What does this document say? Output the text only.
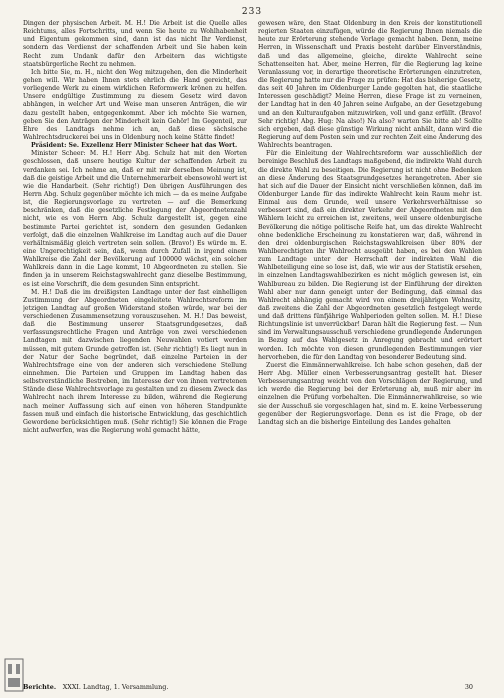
233

Dingen der physischen Arbeit. M. H.! Die Arbeit ist die Quelle alles Reichtums, alles Fortschritts, und wenn Sie heute zu Wohlhabenheit und Eigentum gekommen sind, dann ist das nicht Ihr Verdienst, sondern das Verdienst der schaffenden Arbeit und Sie haben kein Recht zum Undank dafür den Arbeitern das wichtigste staatsbürgerliche Recht zu nehmen.

Ich bitte Sie, m. H., nicht den Weg mitzugehen, den die Minderheit gehen will. Wir haben Ihnen stets ehrlich die Hand gereicht, das vorliegende Werk zu einem wirklichen Reformwerk krönen zu helfen. Unsere endgültige Zustimmung zu diesem Gesetz wird davon abhängen, in welcher Art und Weise man unseren Anträgen, die wir dazu gestellt haben, entgegenkommt. Aber ich möchte Sie warnen, geben Sie den Anträgen der Minderheit kein Gehör! Im Gegenteil, zur Ehre des Landtags nehme ich an, daß diese sächsische Wahlrechtsdruckerei bei uns in Oldenburg noch keine Stätte findet!

Präsident: Se. Exzellenz Herr Minister Scheer hat das Wort.

Minister Scheer: M. H.! Herr Abg. Schulz hat mit den Worten geschlossen, daß unsere heutige Kultur der schaffenden Arbeit zu verdanken sei. Ich nehme an, daß er mit mir derselben Meinung ist, daß die geistige Arbeit und die Unternehmerarbeit ebensowohl wert ist wie die Handarbeit. (Sehr richtig!) Den übrigen Ausführungen des Herrn Abg. Schulz gegenüber möchte ich mich — da es meine Aufgabe ist, die Regierungsvorlage zu vertreten — auf die Bemerkung beschränken, daß die gesetzliche Festlegung der Abgeordnetenzahl nicht, wie es von Herrn Abg. Schulz dargestellt ist, gegen eine bestimmte Partei gerichtet ist, sondern den gesunden Gedanken verfolgt, daß die einzelnen Wahlkreise im Landtag auch auf die Dauer verhältnismäßig gleich vertreten sein sollen. (Bravo!) Es würde m. E. eine Ungerechtigkeit sein, daß, wenn durch Zufall in irgend einem Wahlkreise die Zahl der Bevölkerung auf 100000 wächst, ein solcher Wahlkreis dann in die Lage kommt, 10 Abgeordneten zu stellen. Sie finden ja in unserem Reichstagswahlrecht ganz dieselbe Bestimmung, es ist eine Vorschrift, die dem gesunden Sinn entspricht.

M. H.! Daß die im dreißigsten Landtage unter der fast einhelligen Zustimmung der Abgeordneten eingeleitete Wahlrechtsreform im jetzigen Landtag auf großen Widerstand stoßen würde, war bei der verschiedenen Zusammensetzung vorauszusehen. M. H.! Das beweist, daß die Bestimmung unserer Staatsgrundgesetzes, daß verfassungsrechtliche Fragen und Anträge von zwei verschiedenen Landtagen mit dazwischen liegenden Neuwahlen votiert werden müssen, mit gutem Grunde getroffen ist. (Sehr richtig!) Es liegt nun in der Natur der Sache begründet, daß einzelne Parteien in der Wahlrechtsfrage eine von der anderen sich verschiedene Stellung einnehmen. Die Parteien und Gruppen im Landtag haben das selbstverständliche Bestreben, im Interesse der von ihnen vertretenen Stände diese Wahlrechtsvorlage zu gestalten und zu diesem Zweck das Wahlrecht nach ihrem Interesse zu bilden, während die Regierung nach meiner Auffassung sich auf einen von höheren Standpunkte fassen muß und einfach die historische Entwicklung, das geschichtlich Gewordene berücksichtigen muß. (Sehr richtig!) Sie können die Frage nicht aufwerfen, was die Regierung wohl gemacht hätte,

gewesen wäre, den Staat Oldenburg in den Kreis der konstitutionell regierten Staaten einzufügen, würde die Regierung Ihnen niemals die heute zur Erörterung stehende Vorlage gemacht haben. Denn, meine Herren, in Wissenschaft und Praxis besteht darüber Einverständnis, daß und das allgemeine, gleiche, direkte Wahlrecht seine Schattenseiten hat. Aber, meine Herren, für die Regierung lag keine Veranlassung vor, in derartige theoretische Erörterungen einzutreten, die Regierung hatte nur die Frage zu prüfen: Hat das bisherige Gesetz, das seit 40 Jahren im Oldenburger Lande gegolten hat, die staatliche Interessen geschädigt? Meine Herren, diese Frage ist zu verneinen, der Landtag hat in den 40 Jahren seine Aufgabe, an der Gesetzgebung und an den Kulturaufgaben mitzuwirken, voll und ganz erfüllt. (Bravo! Sehr richtig! Abg. Hug: Na also!) Na also? warten Sie bitte ab! Sollte sich ergeben, daß diese günstige Wirkung nicht anhält, dann wird die Regierung auf dem Posten sein und zur rechten Zeit eine Änderung des Wahlrechts beantragen.

Für die Einleitung der Wahlrechtsreform war ausschließlich der bereinige Beschluß des Landtags maßgebend, die indirekte Wahl durch die direkte Wahl zu beseitigen. Die Regierung ist nicht ohne Bedenken an diese Änderung des Staatsgrundgesetzes herangetreten. Aber sie hat sich auf die Dauer der Einsicht nicht verschließen können, daß im Oldenburger Lande für das indirekte Wahlrecht kein Raum mehr ist. Einmal aus dem Grunde, weil unsere Verkehrsverhältnisse so verbessert sind, daß ein direkter Verkehr der Abgeordneten mit den Wählern leicht zu erreichen ist, zweitens, weil unsere oldenburgische Bevölkerung die nötige politische Reife hat, um das direkte Wahlrecht ohne bedenkliche Erscheinung zu konstatieren war, daß, während in den drei oldenburgischen Reichstagswahlkreisen über 80% der Wahlberechtigten ihr Wahlrecht ausgeübt haben, es bei den Wahlen zum Landtage unter der Herrschaft der indirekten Wahl die Wahlbeteiligung eine so lose ist, daß, wie wir aus der Statistik ersehen, in einzelnen Landtagswahlbezirken es nicht möglich gewesen ist, ein Wahlbureau zu bilden. Die Regierung ist der Einführung der direkten Wahl aber nur dann geneigt unter der Bedingung, daß einmal das Wahlrecht abhängig gemacht wird von einem dreijährigen Wohnsitz, daß zweitens die Zahl der Abgeordneten gesetzlich festgelegt werde und daß drittens fünfjährige Wahlperioden gelten sollen. M. H.! Diese Richtungslinie ist unverrückbar! Daran hält die Regierung fest. — Nun sind im Verwaltungsausschuß verschiedene grundlegende Änderungen in Bezug auf das Wahlgesetz in Anregung gebracht und erörtert worden. Ich möchte von diesen grundlegenden Bestimmungen vier hervorheben, die für den Landtag von besonderer Bedeutung sind.

Zuerst die Einmännerwahlkreise. Ich habe schon gesehen, daß der Herr Abg. Müller einen Verbesserungsantrag gestellt hat. Dieser Verbesserungsantrag weicht von den Vorschlägen der Regierung, und ich werde die Regierung bei der Erörterung ab, muß mir aber im einzelnen die Prüfung vorbehalten. Die Einmännerwahlkreise, so wie sie der Ausschuß sie vorgeschlagen hat, sind m. E. keine Verbesserung gegenüber der Regierungsvorlage. Denn es ist die Frage, ob der Landtag sich an die bisherige Einteilung des Landes gehalten

Berichte. XXXI. Landtag, 1. Versammlung.	30
